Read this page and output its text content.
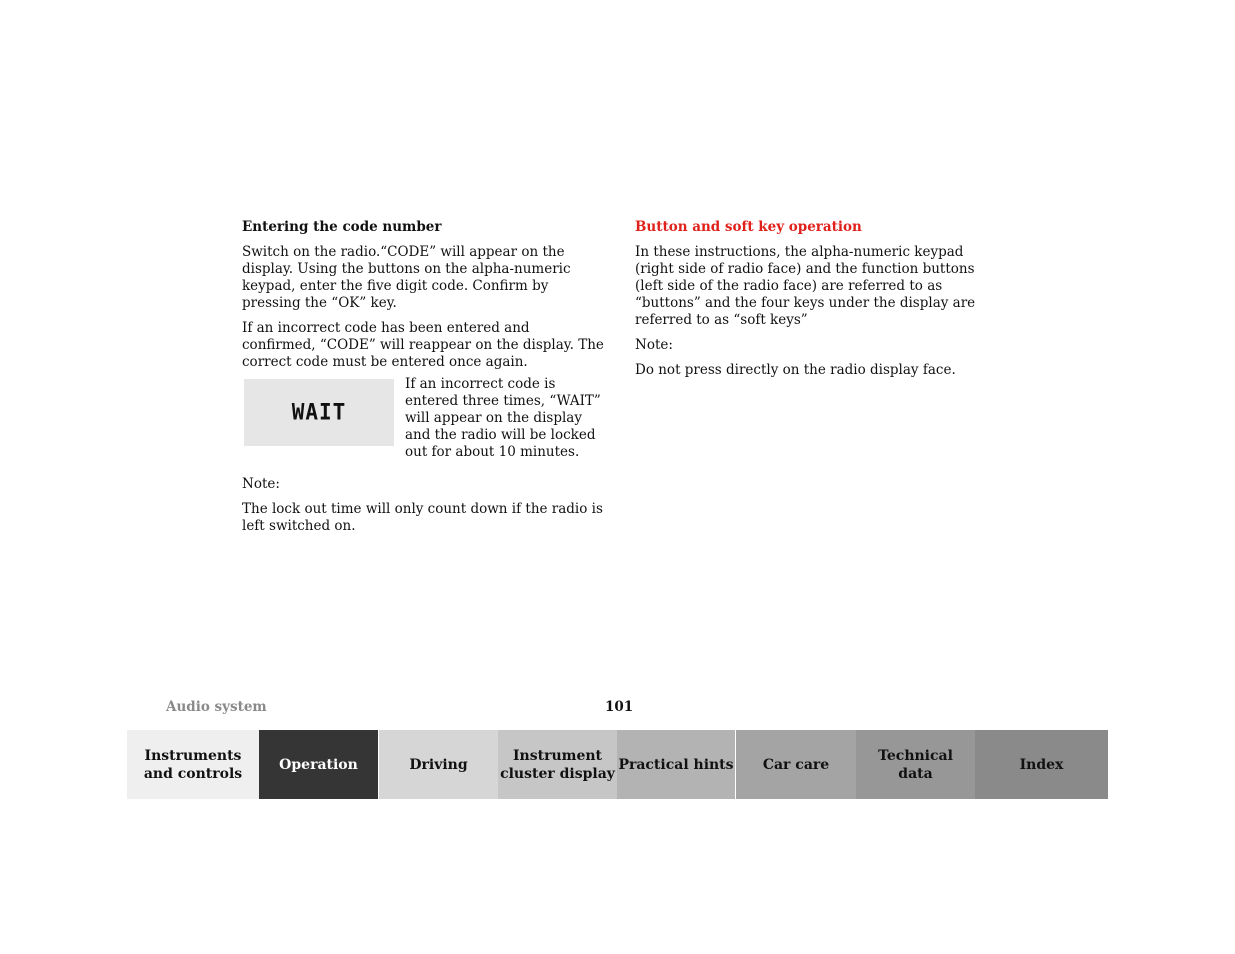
Entering the code number

Switch on the radio.“CODE” will appear on the display. Using the buttons on the alpha-numeric keypad, enter the five digit code. Confirm by pressing the “OK” key.

If an incorrect code has been entered and confirmed, “CODE” will reappear on the display. The correct code must be entered once again.

WAIT
If an incorrect code is entered three times, “WAIT” will appear on the display and the radio will be locked out for about 10 minutes.

Note:

The lock out time will only count down if the radio is left switched on.

Button and soft key operation

In these instructions, the alpha-numeric keypad (right side of radio face) and the function buttons (left side of the radio face) are referred to as “buttons” and the four keys under the display are referred to as “soft keys”

Note:

Do not press directly on the radio display face.

Audio system	101
Instruments
and controls
Operation	Driving
Instrument
cluster display
Practical hints Car care
Technical
data
Index
